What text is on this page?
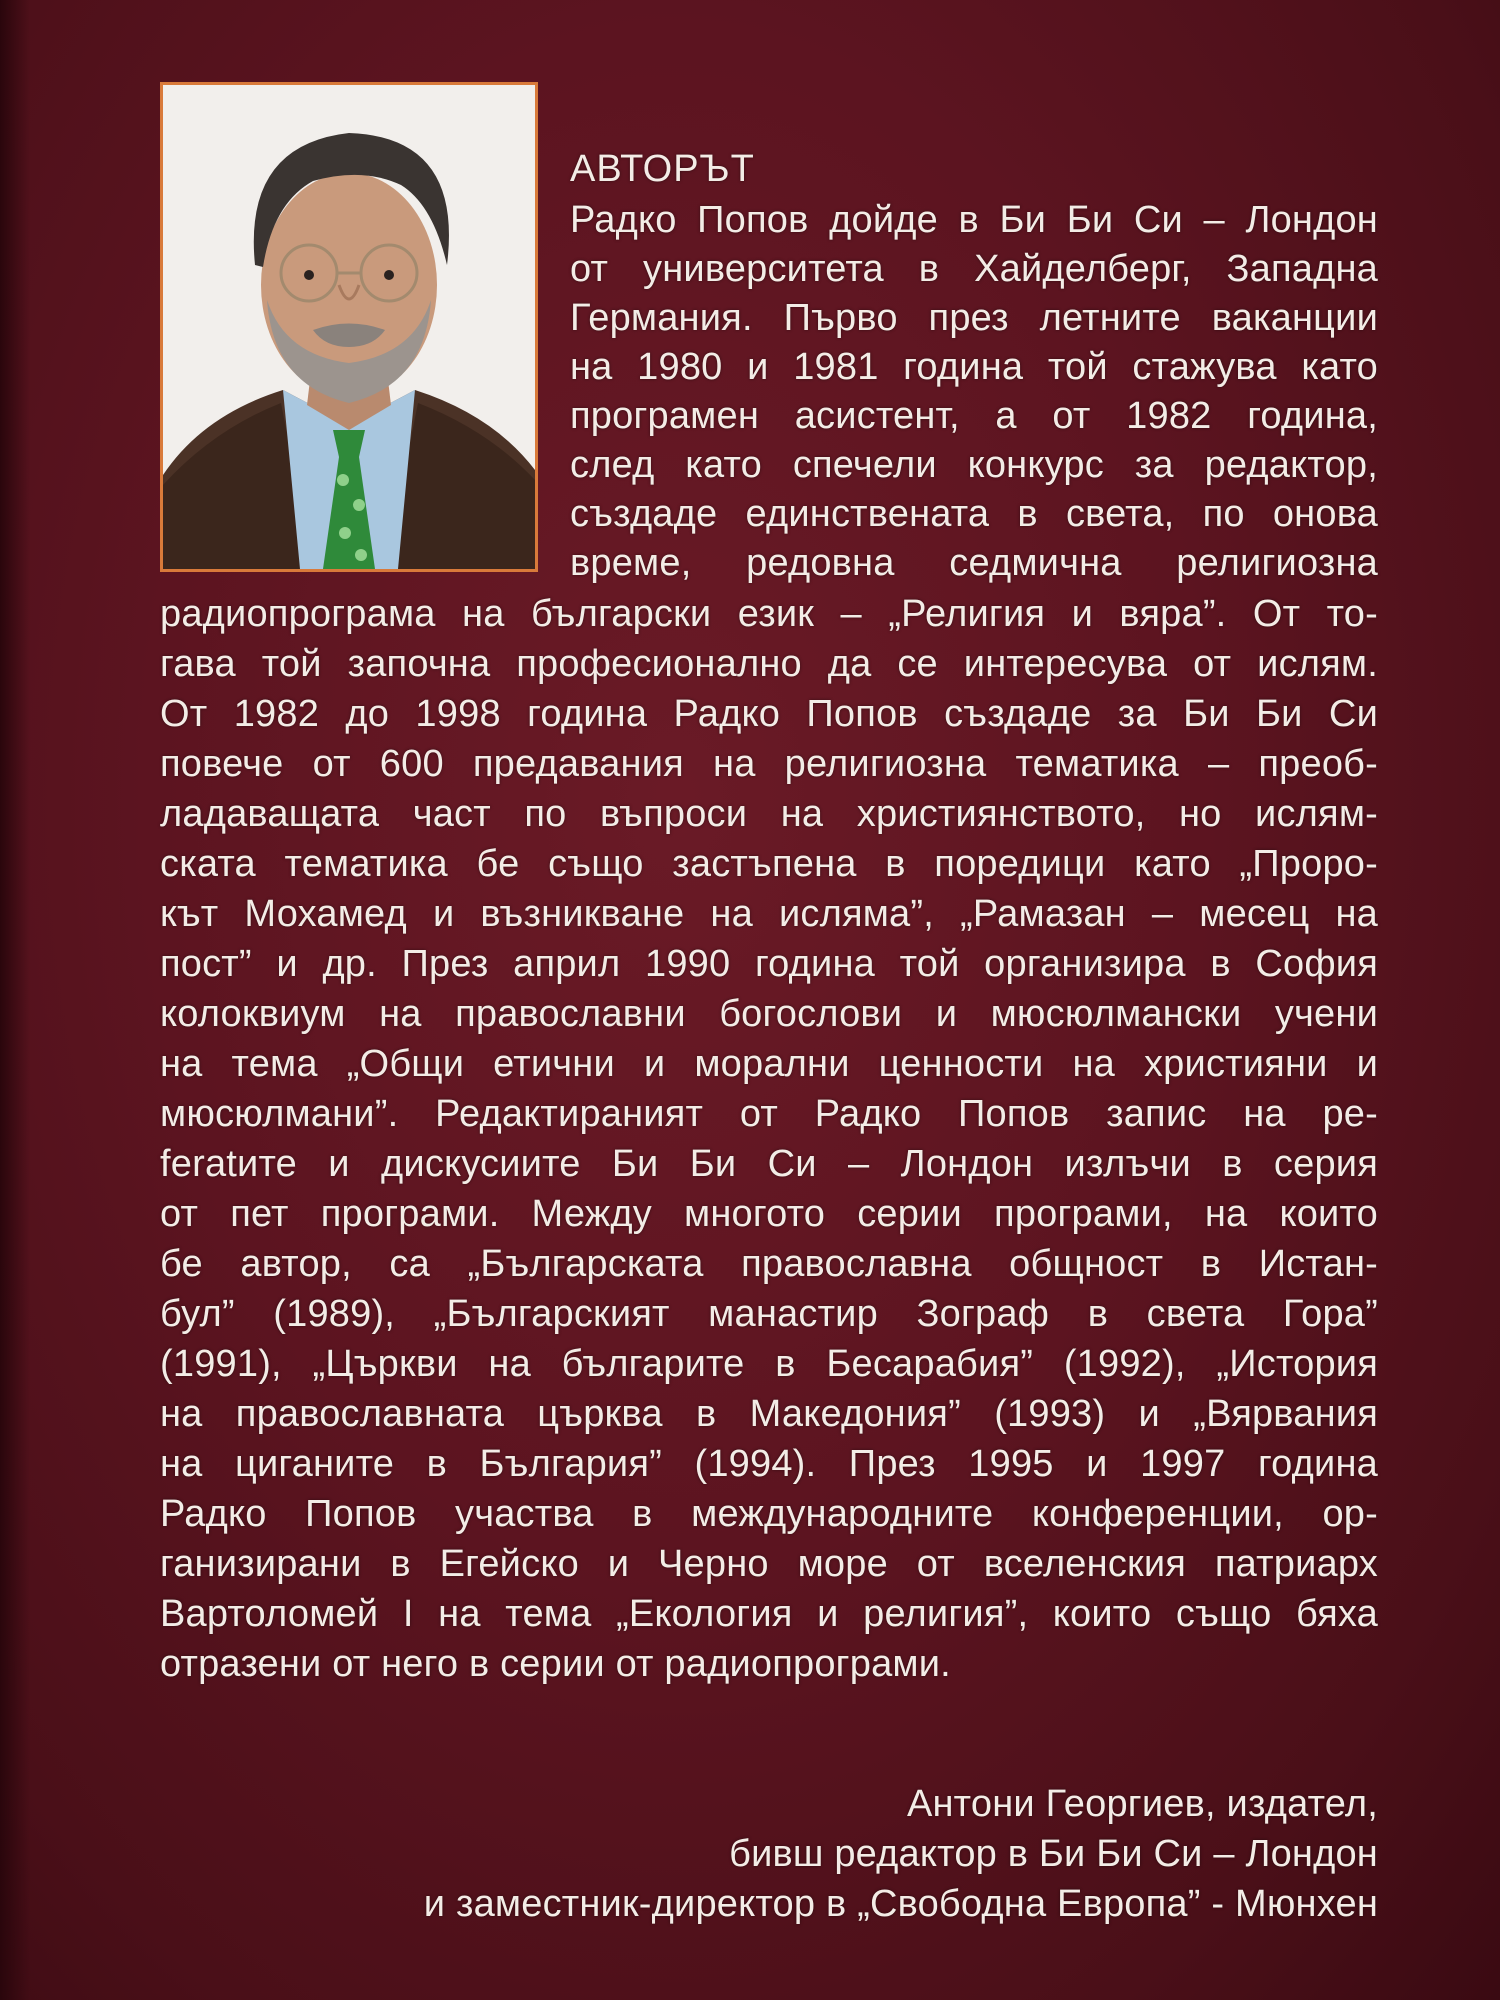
АВТОРЪТ
Радко Попов дойде в Би Би Си – Лондон
от университета в Хайделберг, Западна
Германия. Първо през летните ваканции
на 1980 и 1981 година той стажува като
програмен асистент, а от 1982 година,
след като спечели конкурс за редактор,
създаде единствената в света, по онова
време, редовна седмична религиозна
радиопрограма на български език – „Религия и вяра”. От то-
гава той започна професионално да се интересува от ислям.
От 1982 до 1998 година Радко Попов създаде за Би Би Си
повече от 600 предавания на религиозна тематика – преоб-
ладаващата част по въпроси на християнството, но ислям-
ската тематика бе също застъпена в поредици като „Проро-
кът Мохамед и възникване на исляма”, „Рамазан – месец на
пост” и др. През април 1990 година той организира в София
колоквиум на православни богослови и мюсюлмански учени
на тема „Общи етични и морални ценности на християни и
мюсюлмани”. Редактираният от Радко Попов запис на ре-
feratите и дискусиите Би Би Си – Лондон излъчи в серия
от пет програми. Между многото серии програми, на които
бе автор, са „Българската православна общност в Истан-
бул” (1989), „Българският манастир Зограф в света Гора”
(1991), „Църкви на българите в Бесарабия” (1992), „История
на православната църква в Македония” (1993) и „Вярвания
на циганите в България” (1994). През 1995 и 1997 година
Радко Попов участва в международните конференции, ор-
ганизирани в Егейско и Черно море от вселенския патриарх
Вартоломей I на тема „Екология и религия”, които също бяха
отразени от него в серии от радиопрограми.
Антони Георгиев, издател,
бивш редактор в Би Би Си – Лондон
и заместник-директор в „Свободна Европа” - Мюнхен
